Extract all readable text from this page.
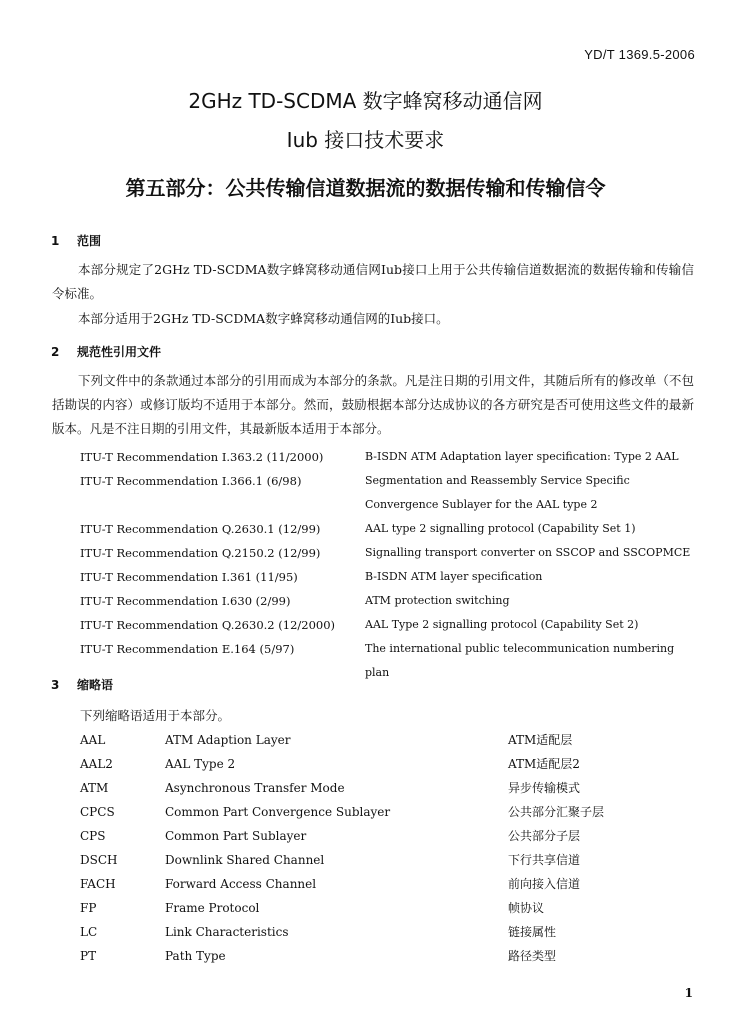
YD/T 1369.5-2006
2GHz TD-SCDMA 数字蜂窝移动通信网
Iub 接口技术要求
第五部分：公共传输信道数据流的数据传输和传输信令
1 范围
本部分规定了2GHz TD-SCDMA数字蜂窝移动通信网Iub接口上用于公共传输信道数据流的数据传输和传输信令标准。
本部分适用于2GHz TD-SCDMA数字蜂窝移动通信网的Iub接口。
2 规范性引用文件
下列文件中的条款通过本部分的引用而成为本部分的条款。凡是注日期的引用文件，其随后所有的修改单（不包括勘误的内容）或修订版均不适用于本部分。然而，鼓励根据本部分达成协议的各方研究是否可使用这些文件的最新版本。凡是不注日期的引用文件，其最新版本适用于本部分。
ITU-T Recommendation I.363.2 (11/2000)	B-ISDN ATM Adaptation layer specification: Type 2 AAL
ITU-T Recommendation I.366.1 (6/98)	Segmentation and Reassembly Service Specific Convergence Sublayer for the AAL type 2
ITU-T Recommendation Q.2630.1 (12/99)	AAL type 2 signalling protocol (Capability Set 1)
ITU-T Recommendation Q.2150.2 (12/99)	Signalling transport converter on SSCOP and SSCOPMCE
ITU-T Recommendation I.361 (11/95)	B-ISDN ATM layer specification
ITU-T Recommendation I.630 (2/99)	ATM protection switching
ITU-T Recommendation Q.2630.2 (12/2000)	AAL Type 2 signalling protocol (Capability Set 2)
ITU-T Recommendation E.164 (5/97)	The international public telecommunication numbering plan
3 缩略语
下列缩略语适用于本部分。
AAL	ATM Adaption Layer	ATM适配层
AAL2	AAL Type 2	ATM适配层2
ATM	Asynchronous Transfer Mode	异步传输模式
CPCS	Common Part Convergence Sublayer	公共部分汇聚子层
CPS	Common Part Sublayer	公共部分子层
DSCH	Downlink Shared Channel	下行共享信道
FACH	Forward Access Channel	前向接入信道
FP	Frame Protocol	帧协议
LC	Link Characteristics	链接属性
PT	Path Type	路径类型
1
